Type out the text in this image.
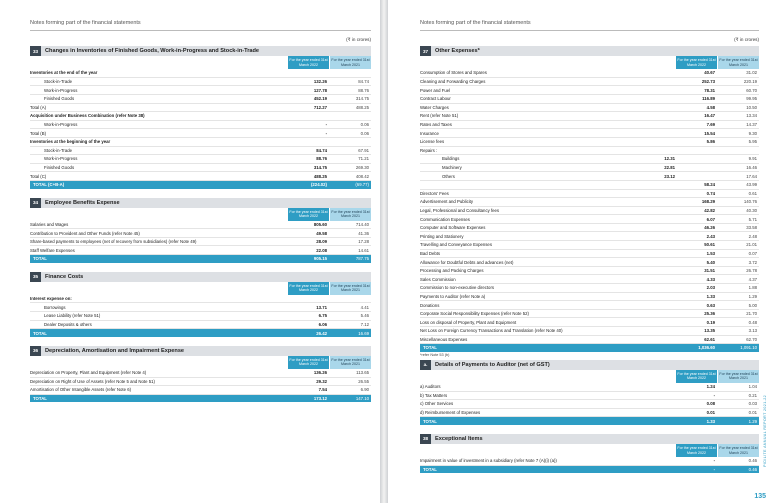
Notes forming part of the financial statements
(₹ in crores)
33	Changes in Inventories of Finished Goods, Work-in-Progress and Stock-in-Trade
For the year ended 31st March 2022
For the year ended 31st March 2021
Inventories at the end of the year
Stock-in-Trade	132.26	84.74
Work-in-Progress	127.78	88.76
Finished Goods	452.19	314.75
Total (A)	712.27	488.25
Acquisition under Business Combination (refer Note 38)
Work-in-Progress	-	0.06
Total (B)	-	0.06
Inventories at the beginning of the year
Stock-in-Trade	84.74	67.91
Work-in-Progress	88.76	71.21
Finished Goods	314.75	269.30
Total (C)	488.25	408.42
TOTAL (C+B-A)	(224.02)	(69.77)
34	Employee Benefits Expense
For the year ended 31st March 2022
For the year ended 31st March 2021
Salaries and Wages	805.60	714.40
Contribution to Provident and Other Funds (refer Note 45)	49.58	41.36
Share-based payments to employees (net of recovery from subsidiaries) (refer Note 49)	28.09	17.28
Staff Welfare Expenses	22.08	14.61
TOTAL	905.15	787.75
35	Finance Costs
For the year ended 31st March 2022
For the year ended 31st March 2021
Interest expense on:
Borrowings	13.71	4.41
Lease Liability (refer Note 51)	6.75	5.46
Dealer Deposits & others	6.06	7.12
TOTAL	26.42	16.69
36	Depreciation, Amortisation and Impairment Expense
For the year ended 31st March 2022
For the year ended 31st March 2021
Depreciation on Property, Plant and Equipment (refer Note 4)	136.26	113.65
Depreciation on Right of Use of Assets (refer Note 5 and Note 51)	29.32	26.55
Amortisation of Other Intangible Assets (refer Note 6)	7.54	6.90
TOTAL	173.12	147.10
Notes forming part of the financial statements
(₹ in crores)
37	Other Expenses*
For the year ended 31st March 2022
For the year ended 31st March 2021
Consumption of Stores and Spares	40.67	31.02
Cleaning and Forwarding Charges	252.73	220.19
Power and Fuel	78.31	60.70
Contract Labour	116.89	99.95
Water Charges	4.58	10.50
Rent (refer Note 51)	16.47	13.34
Rates and Taxes	7.69	14.37
Insurance	15.54	9.30
License fees	5.86	5.95
Repairs :
Buildings	12.31	9.91
Machinery	22.81	16.46
Others	23.12	17.64
58.24	43.99
Directors' Fees	0.74	0.61
Advertisement and Publicity	168.29	140.76
Legal, Professional and Consultancy fees	42.82	40.30
Communication Expenses	6.07	5.71
Computer and Software Expenses	46.26	33.58
Printing and Stationery	2.43	2.48
Travelling and Conveyance Expenses	50.61	21.01
Bad Debts	1.53	0.07
Allowance for Doubtful Debts and advances (net)	5.40	3.72
Processing and Packing Charges	31.51	26.78
Sales Commission	4.33	4.37
Commission to non-executive directors	2.03	1.88
Payments to Auditor (refer Note a)	1.33	1.29
Donations	0.63	5.00
Corporate Social Responsibility Expenses (refer Note 52)	25.36	21.70
Loss on disposal of Property, Plant and Equipment	0.19	0.48
Net Loss on Foreign Currency Transactions and Translation (refer Note 40)	13.35	3.13
Miscellaneous Expenses	62.61	62.70
TOTAL	1,036.60	1,091.10
*refer Note 53 (b)
a.	Details of Payments to Auditor (net of GST)
For the year ended 31st March 2022
For the year ended 31st March 2021
a) Auditors	1.24	1.04
b) Tax Matters	-	0.21
c) Other Services	0.08	0.03
d) Reimbursement of Expenses	0.01	0.01
TOTAL	1.33	1.29
38	Exceptional Items
For the year ended 31st March 2022
For the year ended 31st March 2021
Impairment in value of investment in a subsidiary (refer Note 7 (A)(i) (a))	-	0.46
TOTAL	-	0.46
PIDILITE ANNUAL REPORT 2021-22
135
